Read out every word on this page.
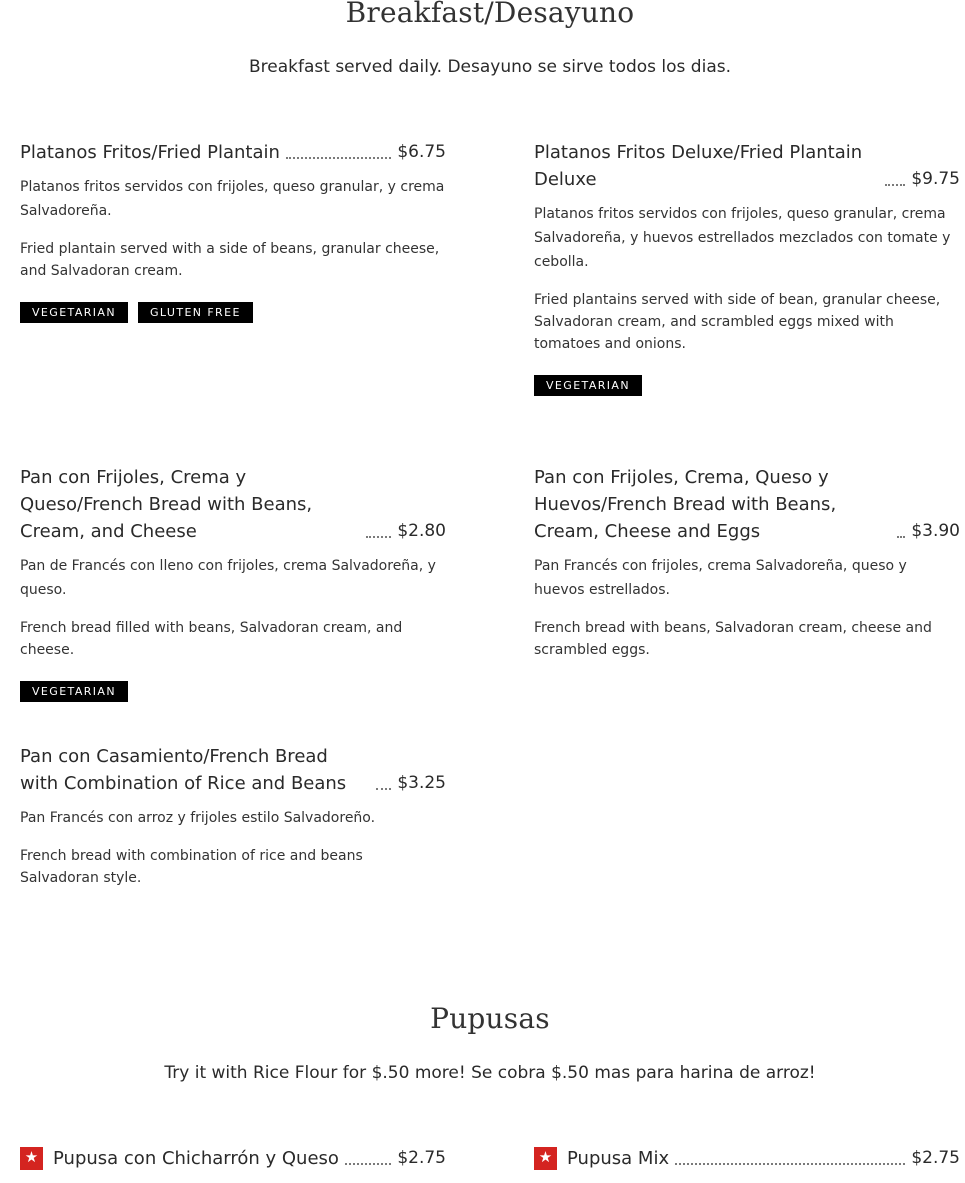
Breakfast/Desayuno
Breakfast served daily. Desayuno se sirve todos los dias.
Platanos Fritos/Fried Plantain	$6.75
Platanos fritos servidos con frijoles, queso granular, y crema Salvadoreña.
Fried plantain served with a side of beans, granular cheese, and Salvadoran cream.
VEGETARIAN	GLUTEN FREE
Platanos Fritos Deluxe/Fried Plantain Deluxe	$9.75
Platanos fritos servidos con frijoles, queso granular, crema Salvadoreña, y huevos estrellados mezclados con tomate y cebolla.
Fried plantains served with side of bean, granular cheese, Salvadoran cream, and scrambled eggs mixed with tomatoes and onions.
VEGETARIAN
Pan con Frijoles, Crema y Queso/French Bread with Beans, Cream, and Cheese	$2.80
Pan de Francés con lleno con frijoles, crema Salvadoreña, y queso.
French bread filled with beans, Salvadoran cream, and cheese.
VEGETARIAN
Pan con Frijoles, Crema, Queso y Huevos/French Bread with Beans, Cream, Cheese and Eggs	$3.90
Pan Francés con frijoles, crema Salvadoreña, queso y huevos estrellados.
French bread with beans, Salvadoran cream, cheese and scrambled eggs.
Pan con Casamiento/French Bread with Combination of Rice and Beans	$3.25
Pan Francés con arroz y frijoles estilo Salvadoreño.
French bread with combination of rice and beans Salvadoran style.
Pupusas
Try it with Rice Flour for $.50 more! Se cobra $.50 mas para harina de arroz!
★ Pupusa con Chicharrón y Queso	$2.75	★ Pupusa Mix	$2.75
